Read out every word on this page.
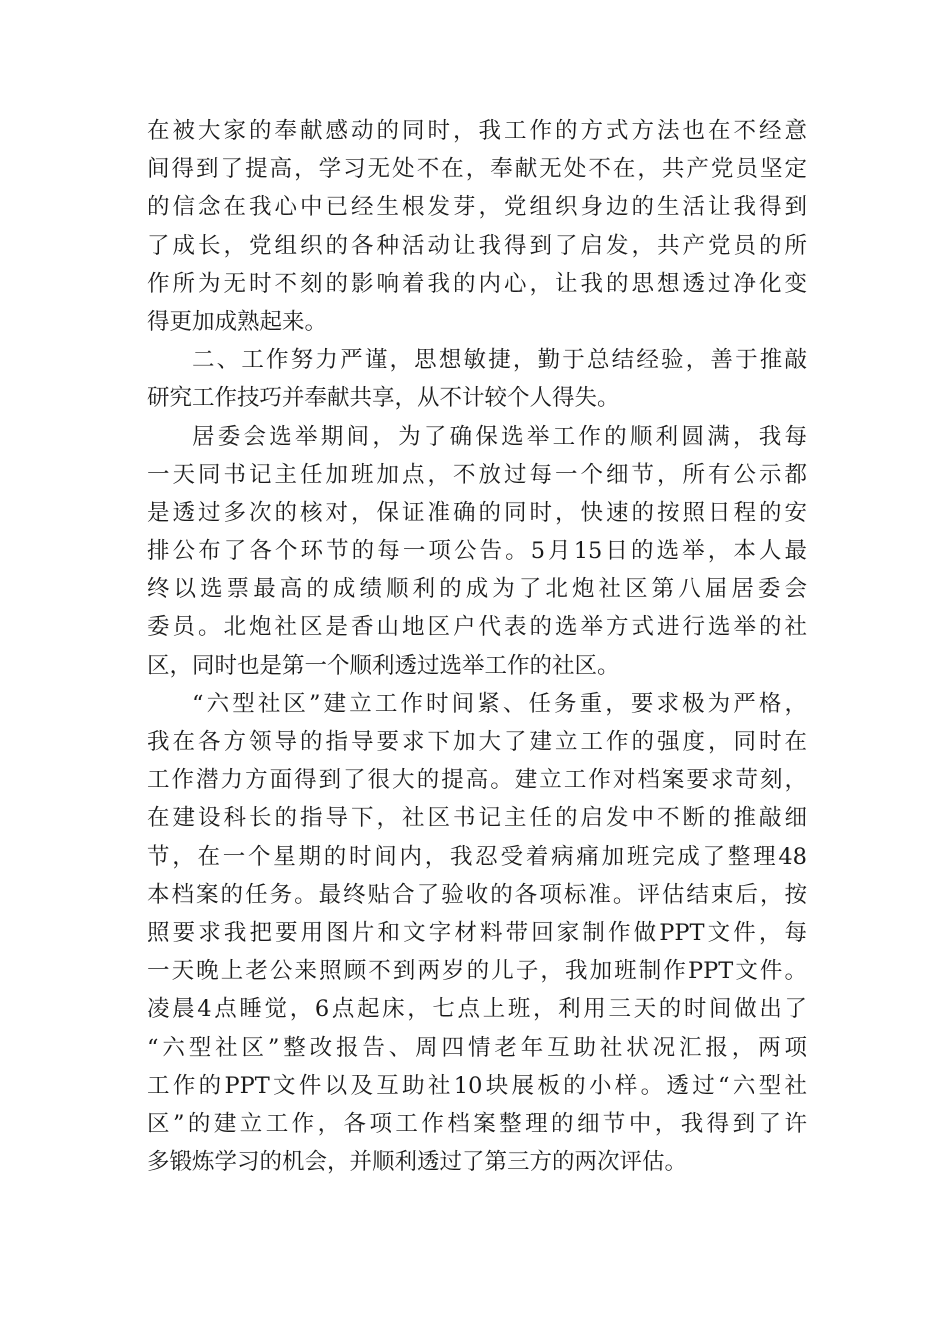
在被大家的奉献感动的同时，我工作的方式方法也在不经意
间得到了提高，学习无处不在，奉献无处不在，共产党员坚定
的信念在我心中已经生根发芽，党组织身边的生活让我得到
了成长，党组织的各种活动让我得到了启发，共产党员的所
作所为无时不刻的影响着我的内心，让我的思想透过净化变
得更加成熟起来。
二、工作努力严谨，思想敏捷，勤于总结经验，善于推敲
研究工作技巧并奉献共享，从不计较个人得失。
居委会选举期间，为了确保选举工作的顺利圆满，我每
一天同书记主任加班加点，不放过每一个细节，所有公示都
是透过多次的核对，保证准确的同时，快速的按照日程的安
排公布了各个环节的每一项公告。5月15日的选举，本人最
终以选票最高的成绩顺利的成为了北炮社区第八届居委会
委员。北炮社区是香山地区户代表的选举方式进行选举的社
区，同时也是第一个顺利透过选举工作的社区。
“六型社区”建立工作时间紧、任务重，要求极为严格，
我在各方领导的指导要求下加大了建立工作的强度，同时在
工作潜力方面得到了很大的提高。建立工作对档案要求苛刻，
在建设科长的指导下，社区书记主任的启发中不断的推敲细
节，在一个星期的时间内，我忍受着病痛加班完成了整理48
本档案的任务。最终贴合了验收的各项标准。评估结束后，按
照要求我把要用图片和文字材料带回家制作做PPT文件，每
一天晚上老公来照顾不到两岁的儿子，我加班制作PPT文件。
凌晨4点睡觉，6点起床，七点上班，利用三天的时间做出了
“六型社区”整改报告、周四情老年互助社状况汇报，两项
工作的PPT文件以及互助社10块展板的小样。透过“六型社
区”的建立工作，各项工作档案整理的细节中，我得到了许
多锻炼学习的机会，并顺利透过了第三方的两次评估。
